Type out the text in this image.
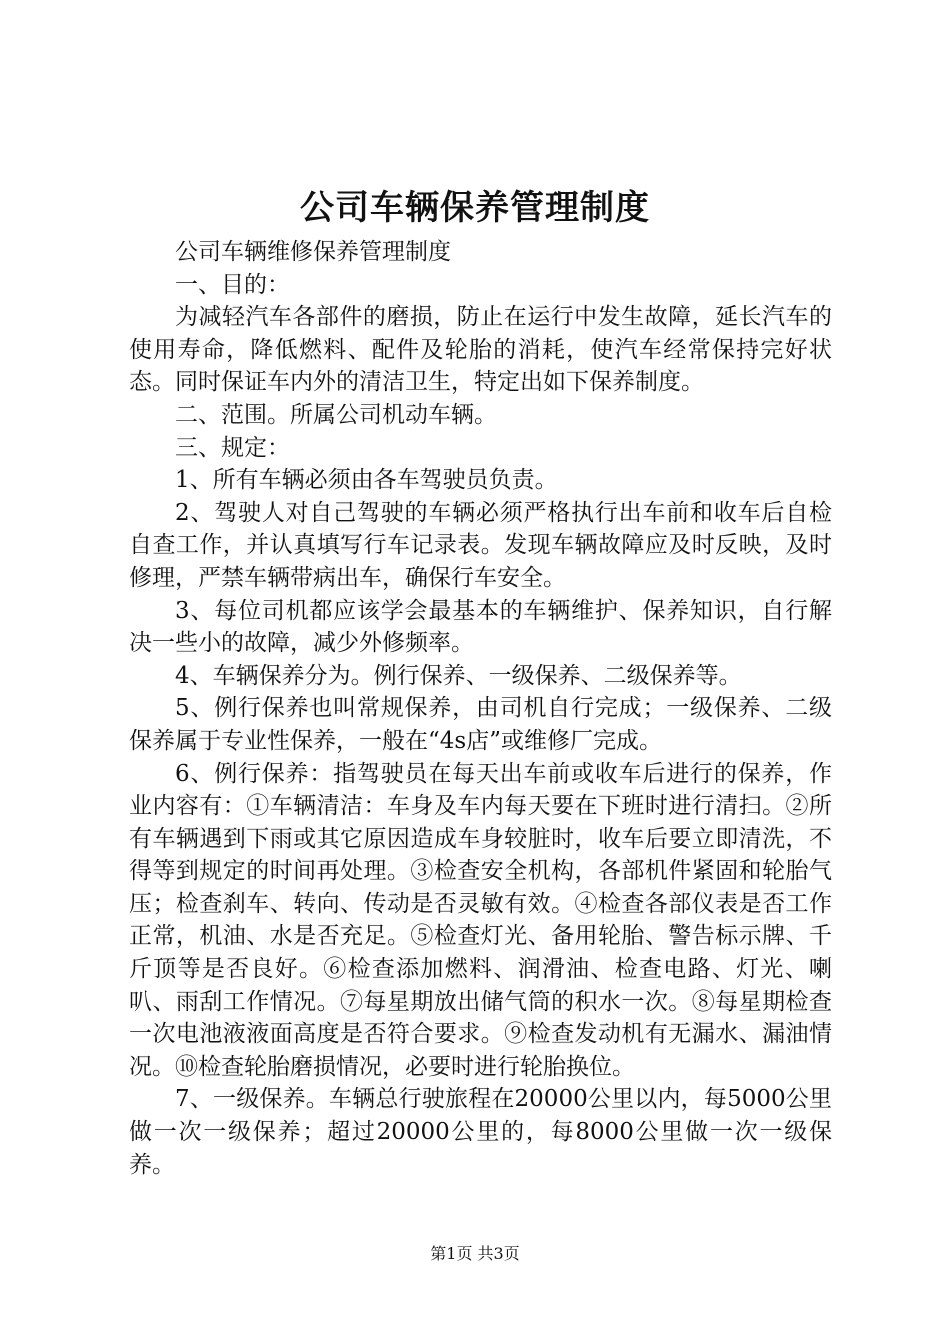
公司车辆保养管理制度

公司车辆维修保养管理制度

一、目的：

为减轻汽车各部件的磨损，防止在运行中发生故障，延长汽车的使用寿命，降低燃料、配件及轮胎的消耗，使汽车经常保持完好状态。同时保证车内外的清洁卫生，特定出如下保养制度。

二、范围。所属公司机动车辆。

三、规定：

1、所有车辆必须由各车驾驶员负责。

2、驾驶人对自己驾驶的车辆必须严格执行出车前和收车后自检自查工作，并认真填写行车记录表。发现车辆故障应及时反映，及时修理，严禁车辆带病出车，确保行车安全。

3、每位司机都应该学会最基本的车辆维护、保养知识，自行解决一些小的故障，减少外修频率。

4、车辆保养分为。例行保养、一级保养、二级保养等。

5、例行保养也叫常规保养，由司机自行完成；一级保养、二级保养属于专业性保养，一般在“4s店”或维修厂完成。

6、例行保养：指驾驶员在每天出车前或收车后进行的保养，作业内容有：①车辆清洁：车身及车内每天要在下班时进行清扫。②所有车辆遇到下雨或其它原因造成车身较脏时，收车后要立即清洗，不得等到规定的时间再处理。③检查安全机构，各部机件紧固和轮胎气压；检查刹车、转向、传动是否灵敏有效。④检查各部仪表是否工作正常，机油、水是否充足。⑤检查灯光、备用轮胎、警告标示牌、千斤顶等是否良好。⑥检查添加燃料、润滑油、检查电路、灯光、喇叭、雨刮工作情况。⑦每星期放出储气筒的积水一次。⑧每星期检查一次电池液液面高度是否符合要求。⑨检查发动机有无漏水、漏油情况。⑩检查轮胎磨损情况，必要时进行轮胎换位。

7、一级保养。车辆总行驶旅程在20000公里以内，每5000公里做一次一级保养；超过20000公里的，每8000公里做一次一级保养。

第1页 共3页
